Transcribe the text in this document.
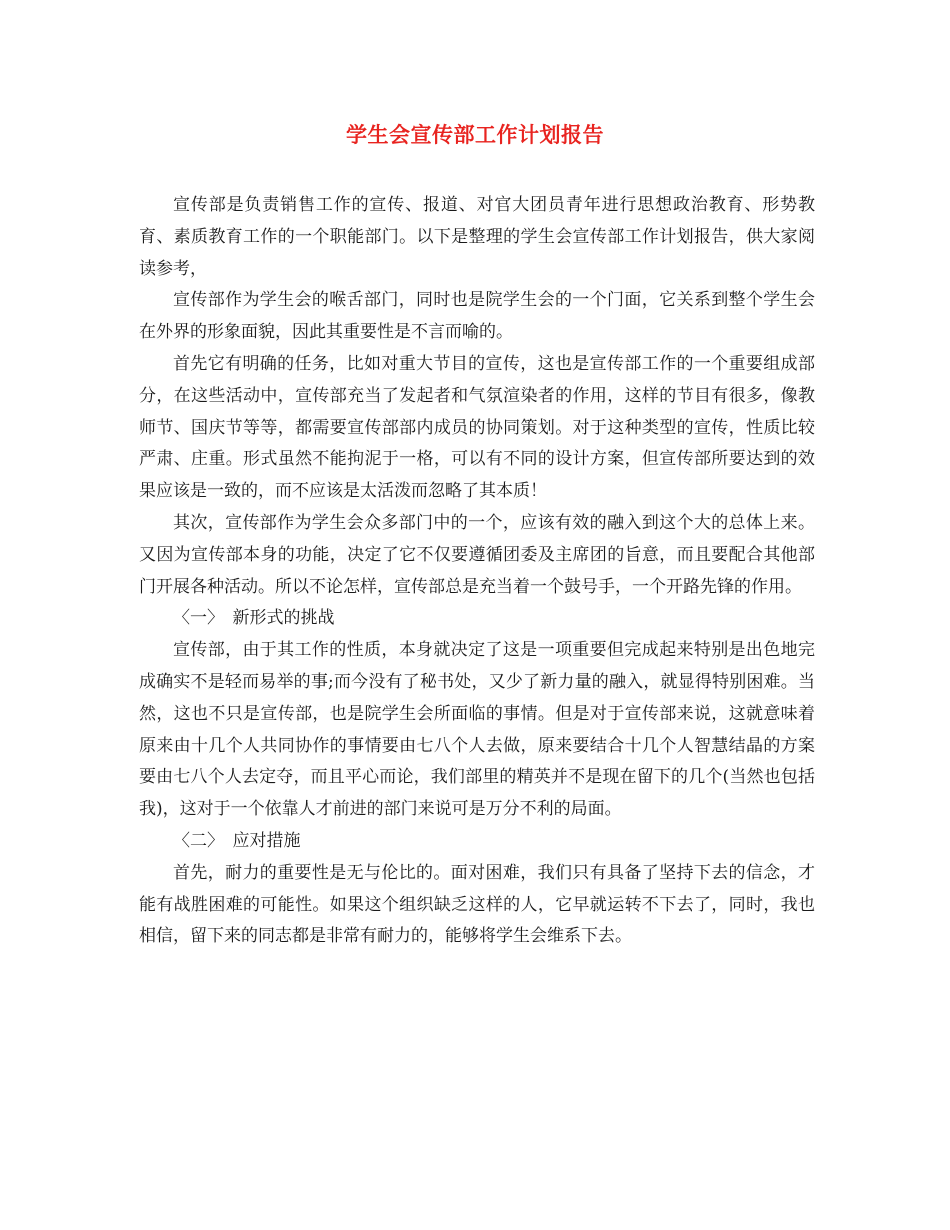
学生会宣传部工作计划报告

宣传部是负责销售工作的宣传、报道、对官大团员青年进行思想政治教育、形势教育、素质教育工作的一个职能部门。以下是整理的学生会宣传部工作计划报告，供大家阅读参考，

宣传部作为学生会的喉舌部门，同时也是院学生会的一个门面，它关系到整个学生会在外界的形象面貌，因此其重要性是不言而喻的。

首先它有明确的任务，比如对重大节目的宣传，这也是宣传部工作的一个重要组成部分，在这些活动中，宣传部充当了发起者和气氛渲染者的作用，这样的节目有很多，像教师节、国庆节等等，都需要宣传部部内成员的协同策划。对于这种类型的宣传，性质比较严肃、庄重。形式虽然不能拘泥于一格，可以有不同的设计方案，但宣传部所要达到的效果应该是一致的，而不应该是太活泼而忽略了其本质！

其次，宣传部作为学生会众多部门中的一个，应该有效的融入到这个大的总体上来。又因为宣传部本身的功能，决定了它不仅要遵循团委及主席团的旨意，而且要配合其他部门开展各种活动。所以不论怎样，宣传部总是充当着一个鼓号手，一个开路先锋的作用。

〈一〉　新形式的挑战

宣传部，由于其工作的性质，本身就决定了这是一项重要但完成起来特别是出色地完成确实不是轻而易举的事;而今没有了秘书处，又少了新力量的融入，就显得特别困难。当然，这也不只是宣传部，也是院学生会所面临的事情。但是对于宣传部来说，这就意味着原来由十几个人共同协作的事情要由七八个人去做，原来要结合十几个人智慧结晶的方案要由七八个人去定夺，而且平心而论，我们部里的精英并不是现在留下的几个(当然也包括我)，这对于一个依靠人才前进的部门来说可是万分不利的局面。

〈二〉　应对措施

首先，耐力的重要性是无与伦比的。面对困难，我们只有具备了坚持下去的信念，才能有战胜困难的可能性。如果这个组织缺乏这样的人，它早就运转不下去了，同时，我也相信，留下来的同志都是非常有耐力的，能够将学生会维系下去。
